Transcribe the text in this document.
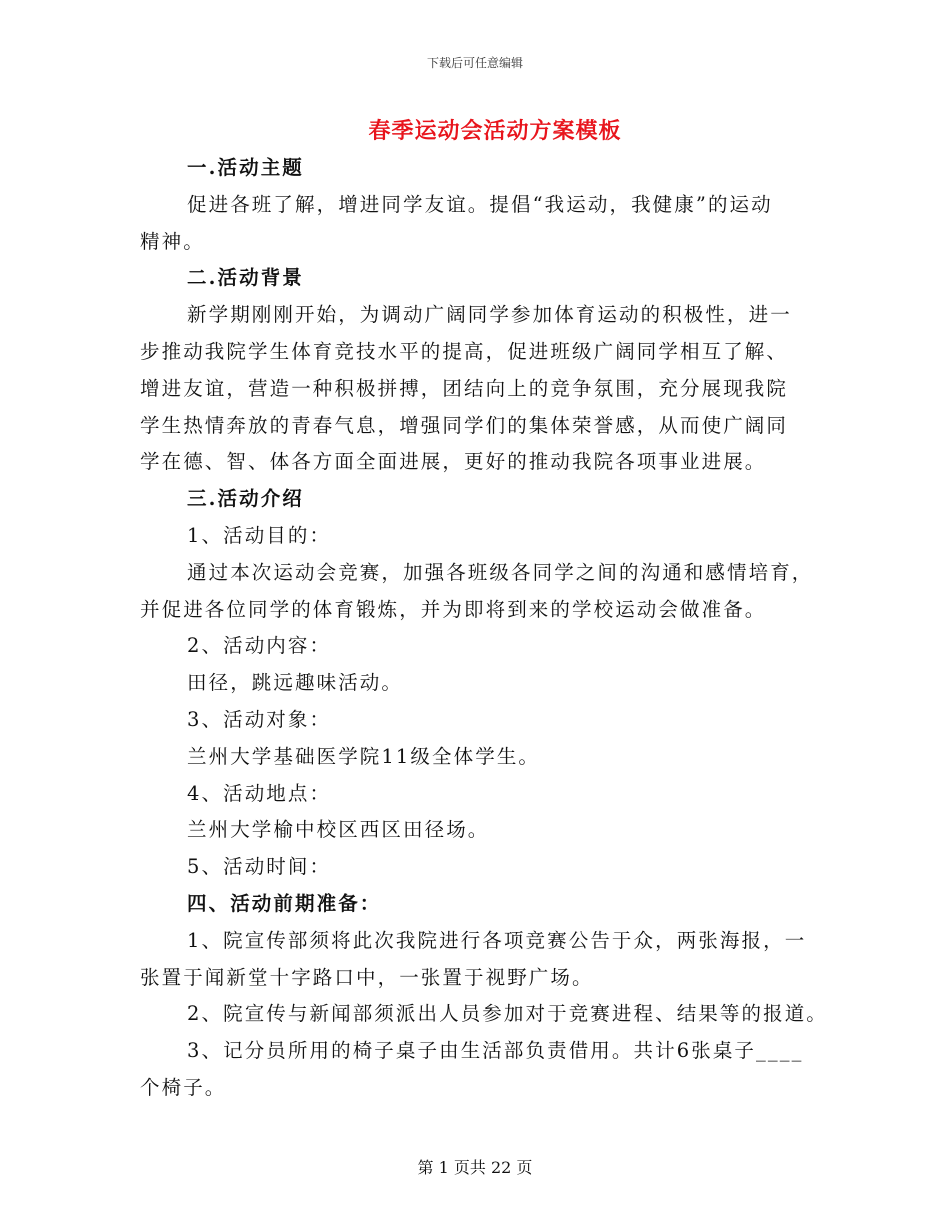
下载后可任意编辑
春季运动会活动方案模板
一.活动主题
促进各班了解，增进同学友谊。提倡“我运动，我健康”的运动
精神。
二.活动背景
新学期刚刚开始，为调动广阔同学参加体育运动的积极性，进一
步推动我院学生体育竞技水平的提高，促进班级广阔同学相互了解、
增进友谊，营造一种积极拼搏，团结向上的竞争氛围，充分展现我院
学生热情奔放的青春气息，增强同学们的集体荣誉感，从而使广阔同
学在德、智、体各方面全面进展，更好的推动我院各项事业进展。
三.活动介绍
1、活动目的：
通过本次运动会竞赛，加强各班级各同学之间的沟通和感情培育，
并促进各位同学的体育锻炼，并为即将到来的学校运动会做准备。
2、活动内容：
田径，跳远趣味活动。
3、活动对象：
兰州大学基础医学院11级全体学生。
4、活动地点：
兰州大学榆中校区西区田径场。
5、活动时间：
四、活动前期准备：
1、院宣传部须将此次我院进行各项竞赛公告于众，两张海报，一
张置于闻新堂十字路口中，一张置于视野广场。
2、院宣传与新闻部须派出人员参加对于竞赛进程、结果等的报道。
3、记分员所用的椅子桌子由生活部负责借用。共计6张桌子____
个椅子。
第 1 页共 22 页
